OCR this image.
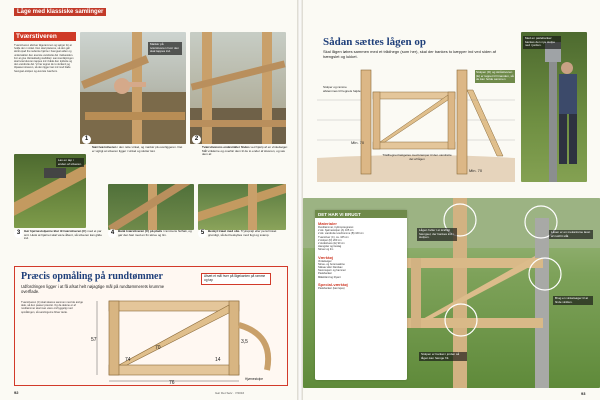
Låge med klassiske samlinger
Tværstiveren
Tværstiveren afstiver lågerammen og sørger for at holde den i vinkel. Den skal placeres, så den går skråt opad fra nederste hjørne i hængsel-siden og understøtter den øverste vandrette del i lukkesiden. For at give tilstrækkelig stabilitet i sammenføjningen skal tværstiveren tappes ind i både den lodrette og den vandrette del. Vi har tegnet de to skråsnit og tilpasset stiveren, så den ligger tæt ind mod både hængsel-stolpen og øverste tværbom.
Markér på tværstiveren hvor den skal tappes ind.
1	2
Sæt tværstiveren i den rette vinkel, og markér på overliggeren. Det er vigtigt at stiveren ligger i vinkel og slutter tæt.
Tværstiverens endevinkler findes ved hjælp af en vinkelsøger. Mål vinklerne og overfør dem til de to ender af stiveren, og sav dem af.
Lav en tap i enden af stiveren.
3	4	5
Gør hjørnestolperne klar til tværstiveren (C) med et par snit. Husk at hjørnet skal være åbent, så stiveren kan glide ind.
Bank tværstiveren (C) på plads i rammens hulhak, og gør den fast med en fin skrue og lim.
Beskyt træet med olie. Tryksprøjt eller pensl træet grundigt, så det beskyttes mod fugt og svamp.
Præcis opmåling på rundtømmer
Udfordringen ligger i at få afsat helt nøjagtige mål på rundtømmerets krumme overflade.
Tværstiveren (C) skal skæres sammen med de øvrige dele, så den passer præcist. Og da delene er af rundtømmer skal man være omhyggelig med opmålingen, så samlingerne bliver tætte.
57
70
76
3,5
74	14
Afsæt et mål hver på lågekanten på ramme og tap
Hjørnestolpe
92	Gør Det Selv · 7/2016
Sådan sættes lågen op
Skal lågen løbes sammen med et trådhegn (som her), skal der bankes to kæpper ind ved siden af hængslet og lukket.
Min. 70
Min. 70
Stolper og ramme afstemmes til hegnets højde
Stolpen (D) og skråstiveren (E) er tappet til hinanden, så de kan holde sammen
Trådhegnet fastgøres med kramper til den vandrette del af lågen
Med en pælebanker bankes den nye stolpe ned i jorden.
DET HAR VI BRUGT
Materialer
Rundtømmer, trykimprægneret
2 stk. hjørnestolper (A) 105 cm
2 stk. vandrette tværbomme (B) 160 cm
Tværstiver (C), ca. 165 cm
2 stolper (D) 200 cm
2 skråstivere (E) 90 cm
Hængsler og beslag
Skruer og lim
Værktøj
Vinkelsøger
Skrue- og boremaskine
Stiksav eller håndsav
Stemmejern og hammer
Pælebanker
Målebånd og blyant
Special-værktøj
Pælebanker (kan lejes)
Lågen hviler i et kraftigt hængsel, der bankes ind i stolpen.
Låsen er en mekanisme lavet af rustfrit stål.
Brug en vinkelsøger til at finde vinklen.
Stolpen er banket i jorden så lågen kan hænge frit.
93
